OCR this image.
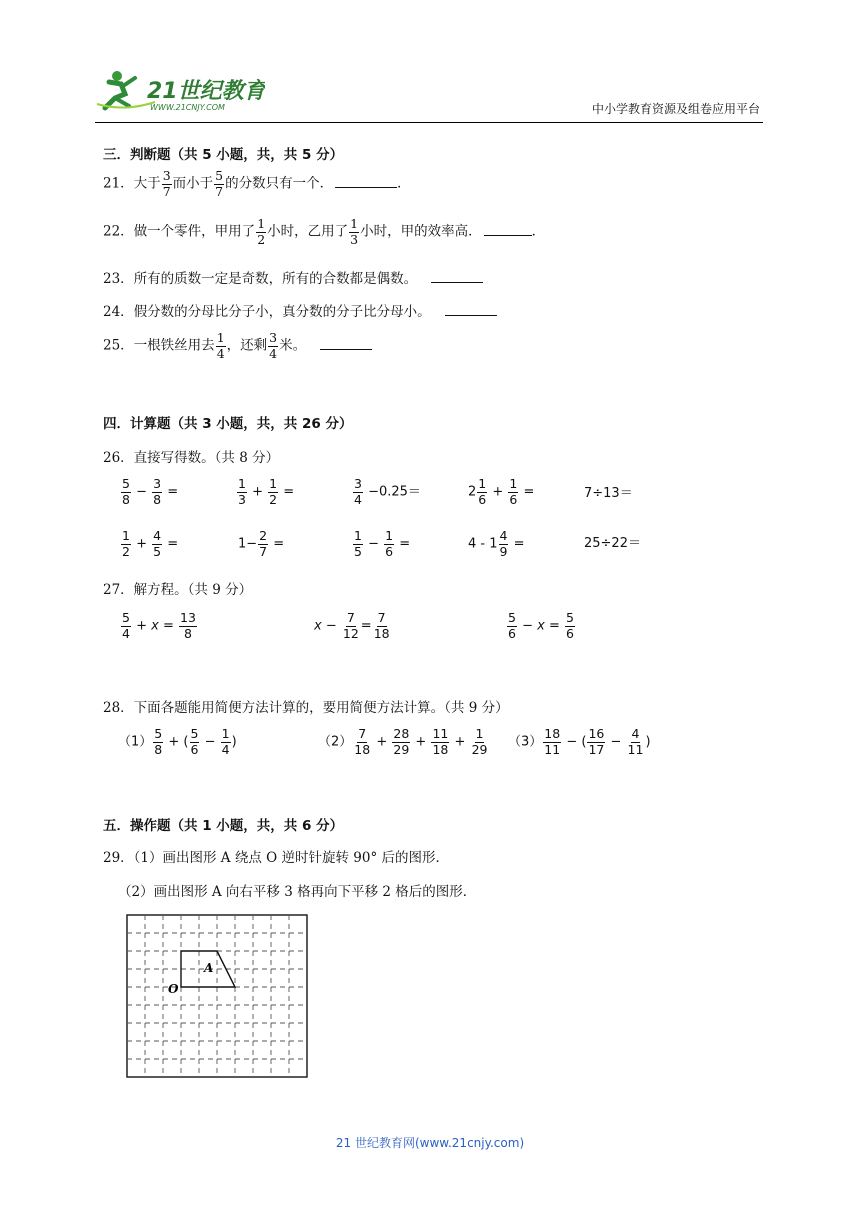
21世纪教育
WWW.21CNJY.COM	中小学教育资源及组卷应用平台
三．判断题（共 5 小题，共，共 5 分）
21．大于 $\frac{3}{7}$ 而小于 $\frac{5}{7}$ 的分数只有一个．	．
22．做一个零件，甲用了 $\frac{1}{2}$ 小时，乙用了 $\frac{1}{3}$ 小时，甲的效率高．	．
23．所有的质数一定是奇数，所有的合数都是偶数。
24．假分数的分母比分子小，真分数的分子比分母小。
25．一根铁丝用去 $\frac{1}{4}$ ，还剩 $\frac{3}{4}$ 米。
四．计算题（共 3 小题，共，共 26 分）
26．直接写得数。（共 8 分）
$\frac{5}{8} - \frac{3}{8}$ =	$\frac{1}{3} + \frac{1}{2}$ =	$\frac{3}{4} -0.25=$	$2 \frac{1}{6} + \frac{1}{6}$ =	7÷13＝
$\frac{1}{2} + \frac{4}{5}$ =	$1- \frac{2}{7}$ =	$\frac{1}{5} - \frac{1}{6}$ =	$4 - 1 \frac{4}{9}$ =	25÷22＝
27．解方程。（共 9 分）
$\frac{5}{4} + x = \frac{13}{8}$	$x - \frac{7}{12} = \frac{7}{18}$	$\frac{5}{6} - x = \frac{5}{6}$
28．下面各题能用简便方法计算的，要用简便方法计算。（共 9 分）
$(1) \frac{5}{8}$ + ( $\frac{5}{6} - \frac{1}{4}$ )	$(2) \frac{7}{18} + \frac{28}{29} + \frac{11}{18} + \frac{1}{29} (3) \frac{18}{11}$ − ( $\frac{16}{17} - \frac{4}{11}$ )
五．操作题（共 1 小题，共，共 6 分）
29．（1）画出图形 A 绕点 O 逆时针旋转 90° 后的图形．
（2）画出图形 A 向右平移 3 格再向下平移 2 格后的图形．
A
O
21 世纪教育网(www.21cnjy.com)
